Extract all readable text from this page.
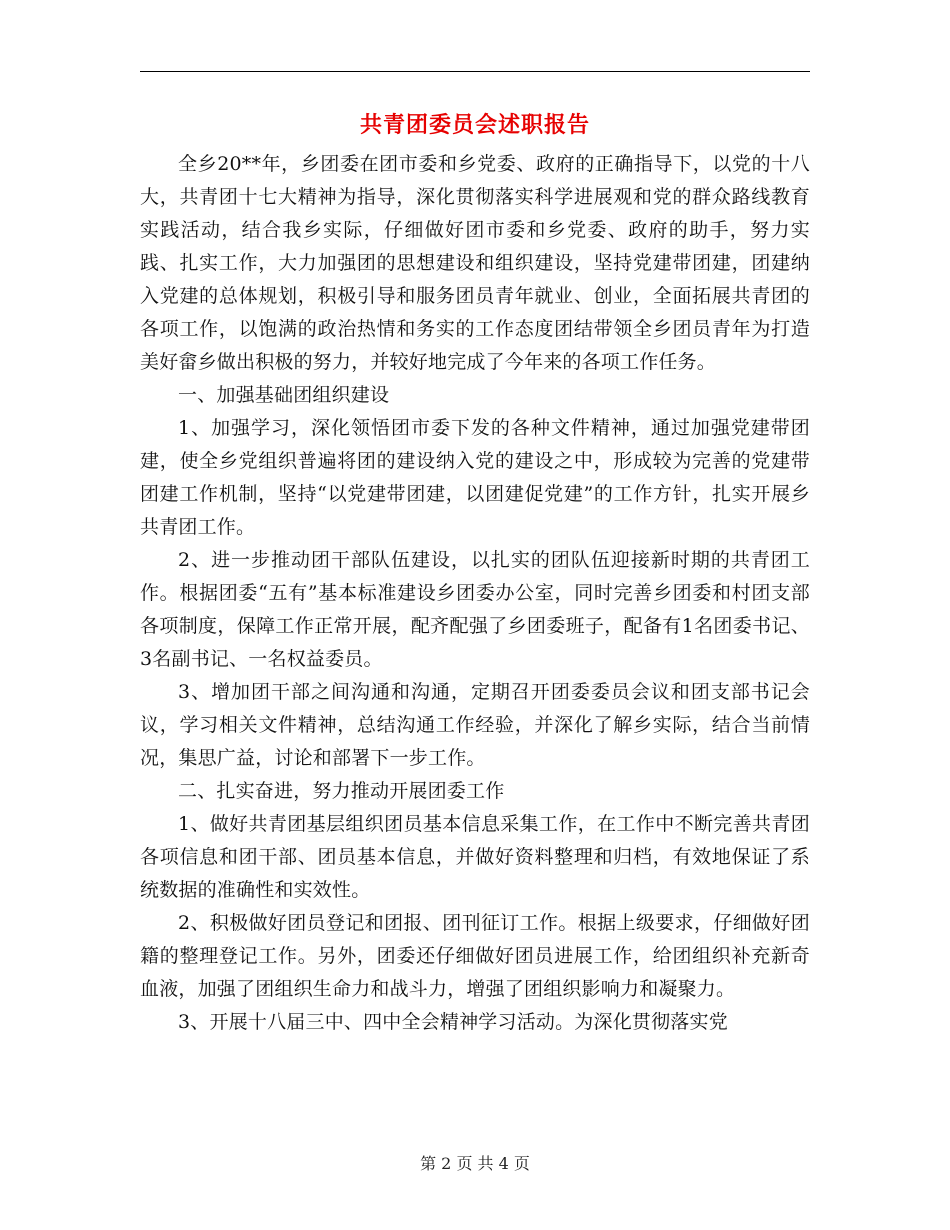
共青团委员会述职报告

全乡20**年，乡团委在团市委和乡党委、政府的正确指导下，以党的十八大，共青团十七大精神为指导，深化贯彻落实科学进展观和党的群众路线教育实践活动，结合我乡实际，仔细做好团市委和乡党委、政府的助手，努力实践、扎实工作，大力加强团的思想建设和组织建设，坚持党建带团建，团建纳入党建的总体规划，积极引导和服务团员青年就业、创业，全面拓展共青团的各项工作，以饱满的政治热情和务实的工作态度团结带领全乡团员青年为打造美好畲乡做出积极的努力，并较好地完成了今年来的各项工作任务。

一、加强基础团组织建设

1、加强学习，深化领悟团市委下发的各种文件精神，通过加强党建带团建，使全乡党组织普遍将团的建设纳入党的建设之中，形成较为完善的党建带团建工作机制，坚持“以党建带团建，以团建促党建”的工作方针，扎实开展乡共青团工作。

2、进一步推动团干部队伍建设，以扎实的团队伍迎接新时期的共青团工作。根据团委“五有”基本标准建设乡团委办公室，同时完善乡团委和村团支部各项制度，保障工作正常开展，配齐配强了乡团委班子，配备有1名团委书记、3名副书记、一名权益委员。

3、增加团干部之间沟通和沟通，定期召开团委委员会议和团支部书记会议，学习相关文件精神，总结沟通工作经验，并深化了解乡实际，结合当前情况，集思广益，讨论和部署下一步工作。

二、扎实奋进，努力推动开展团委工作

1、做好共青团基层组织团员基本信息采集工作，在工作中不断完善共青团各项信息和团干部、团员基本信息，并做好资料整理和归档，有效地保证了系统数据的准确性和实效性。

2、积极做好团员登记和团报、团刊征订工作。根据上级要求，仔细做好团籍的整理登记工作。另外，团委还仔细做好团员进展工作，给团组织补充新奇血液，加强了团组织生命力和战斗力，增强了团组织影响力和凝聚力。

3、开展十八届三中、四中全会精神学习活动。为深化贯彻落实党

第 2 页 共 4 页
